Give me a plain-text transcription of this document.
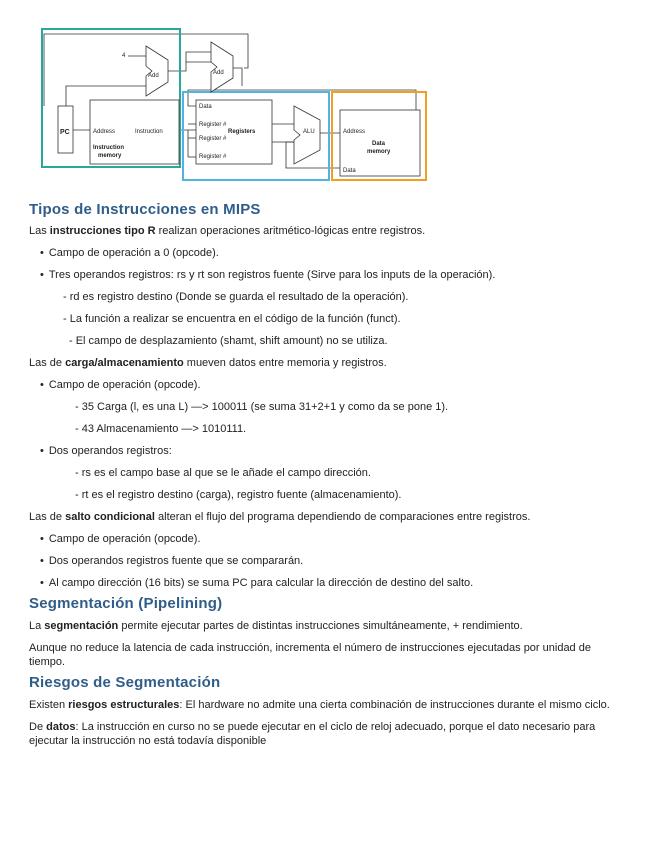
PC	Address	Instruction
Instruction
memory
4
Add	Add
Data
Register #
Registers
Register #
Register #
ALU	Address
Data
memory
Data
Tipos de Instrucciones en MIPS

Las instrucciones tipo R realizan operaciones aritmético-lógicas entre registros.

• Campo de operación a 0 (opcode).

• Tres operandos registros: rs y rt son registros fuente (Sirve para los inputs de la operación).

- rd es registro destino (Donde se guarda el resultado de la operación).

- La función a realizar se encuentra en el código de la función (funct).

- El campo de desplazamiento (shamt, shift amount) no se utiliza.

Las de carga/almacenamiento mueven datos entre memoria y registros.

• Campo de operación (opcode).

- 35 Carga (l, es una L) —> 100011 (se suma 31+2+1 y como da se pone 1).

- 43 Almacenamiento —> 1010111.

• Dos operandos registros:

- rs es el campo base al que se le añade el campo dirección.

- rt es el registro destino (carga), registro fuente (almacenamiento).

Las de salto condicional alteran el flujo del programa dependiendo de comparaciones entre registros.

• Campo de operación (opcode).

• Dos operandos registros fuente que se compararán.

• Al campo dirección (16 bits) se suma PC para calcular la dirección de destino del salto.

Segmentación (Pipelining)

La segmentación permite ejecutar partes de distintas instrucciones simultáneamente, + rendimiento.

Aunque no reduce la latencia de cada instrucción, incrementa el número de instrucciones ejecutadas por unidad de tiempo.

Riesgos de Segmentación

Existen riesgos estructurales: El hardware no admite una cierta combinación de instrucciones durante el mismo ciclo.

De datos: La instrucción en curso no se puede ejecutar en el ciclo de reloj adecuado, porque el dato necesario para ejecutar la instrucción no está todavía disponible
